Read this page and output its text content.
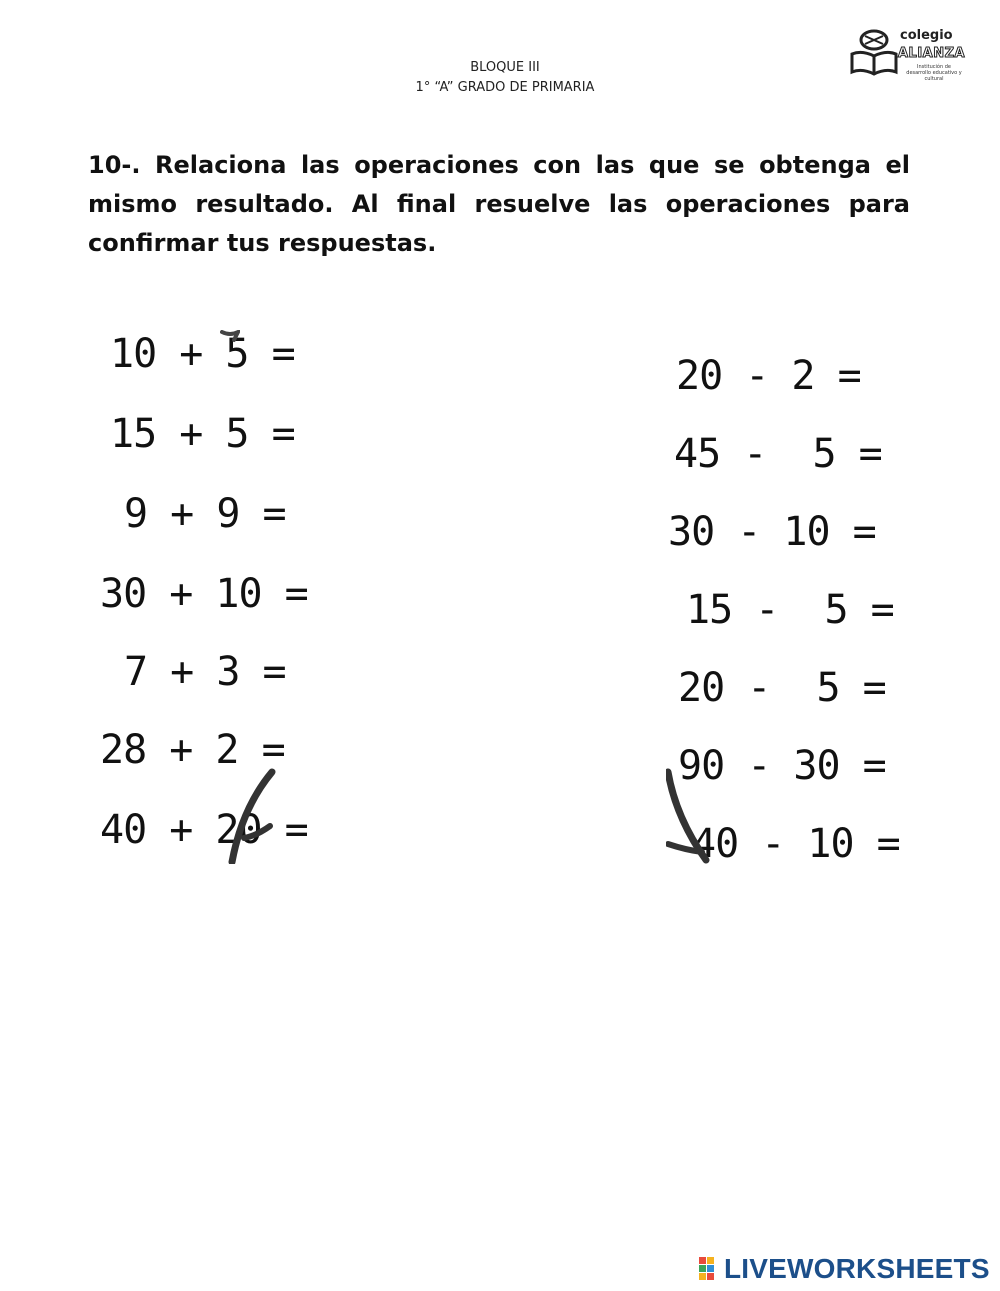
BLOQUE III
1° “A” GRADO DE PRIMARIA
colegio
ALIANZA
Institución de desarrollo educativo y cultural
10-. Relaciona las operaciones con las que se obtenga el mismo resultado. Al final resuelve las operaciones para confirmar tus respuestas.
10 + 5 =
15 + 5 =
9 + 9 =
30 + 10 =
7 + 3 =
28 + 2 =
40 + 20 =
20 - 2 =
45 -  5 =
30 - 10 =
15 -  5 =
20 -  5 =
90 - 30 =
40 - 10 =
LIVEWORKSHEETS
